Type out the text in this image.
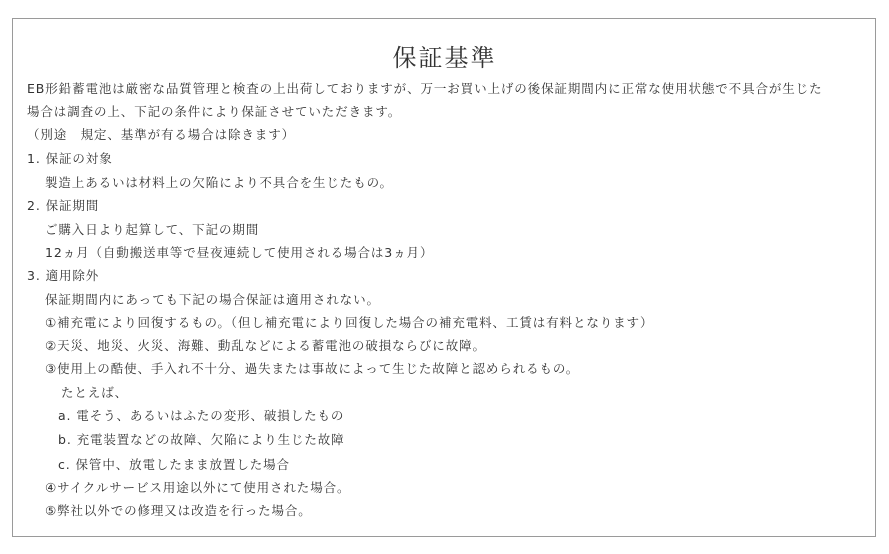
保証基準
EB形鉛蓄電池は厳密な品質管理と検査の上出荷しておりますが、万一お買い上げの後保証期間内に正常な使用状態で不具合が生じた
場合は調査の上、下記の条件により保証させていただきます。
（別途　規定、基準が有る場合は除きます）
1. 保証の対象
製造上あるいは材料上の欠陥により不具合を生じたもの。
2. 保証期間
ご購入日より起算して、下記の期間
12ヵ月（自動搬送車等で昼夜連続して使用される場合は3ヵ月）
3. 適用除外
保証期間内にあっても下記の場合保証は適用されない。
①補充電により回復するもの。（但し補充電により回復した場合の補充電料、工賃は有料となります）
②天災、地災、火災、海難、動乱などによる蓄電池の破損ならびに故障。
③使用上の酷使、手入れ不十分、過失または事故によって生じた故障と認められるもの。
たとえば、
a. 電そう、あるいはふたの変形、破損したもの
b. 充電装置などの故障、欠陥により生じた故障
c. 保管中、放電したまま放置した場合
④サイクルサービス用途以外にて使用された場合。
⑤弊社以外での修理又は改造を行った場合。
